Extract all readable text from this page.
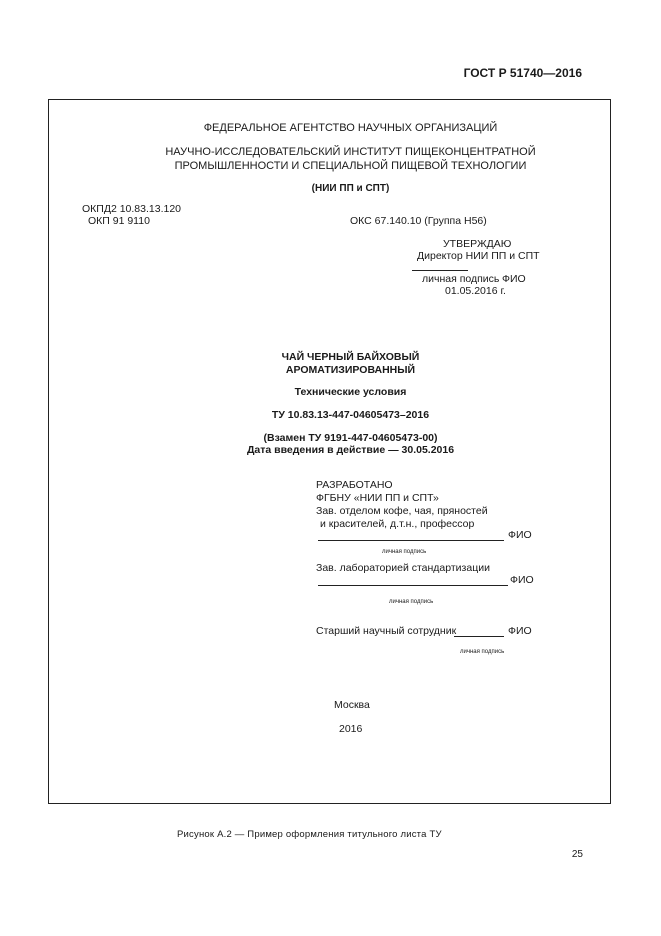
ГОСТ Р 51740—2016
ФЕДЕРАЛЬНОЕ АГЕНТСТВО НАУЧНЫХ ОРГАНИЗАЦИЙ
НАУЧНО-ИССЛЕДОВАТЕЛЬСКИЙ ИНСТИТУТ ПИЩЕКОНЦЕНТРАТНОЙ
ПРОМЫШЛЕННОСТИ И СПЕЦИАЛЬНОЙ ПИЩЕВОЙ ТЕХНОЛОГИИ
(НИИ ПП и СПТ)
ОКПД2 10.83.13.120
ОКП 91 9110	ОКС 67.140.10 (Группа Н56)
УТВЕРЖДАЮ
Директор НИИ ПП и СПТ
личная подпись ФИО
01.05.2016 г.
ЧАЙ ЧЕРНЫЙ БАЙХОВЫЙ
АРОМАТИЗИРОВАННЫЙ
Технические условия
ТУ 10.83.13-447-04605473–2016
(Взамен ТУ 9191-447-04605473-00)
Дата введения в действие — 30.05.2016
РАЗРАБОТАНО
ФГБНУ «НИИ ПП и СПТ»
Зав. отделом кофе, чая, пряностей
и красителей, д.т.н., профессор
ФИО
личная подпись
Зав. лабораторией стандартизации
ФИО
личная подпись
Старший научный сотрудник	ФИО
личная подпись
Москва
2016
Рисунок А.2 — Пример оформления титульного листа ТУ
25
